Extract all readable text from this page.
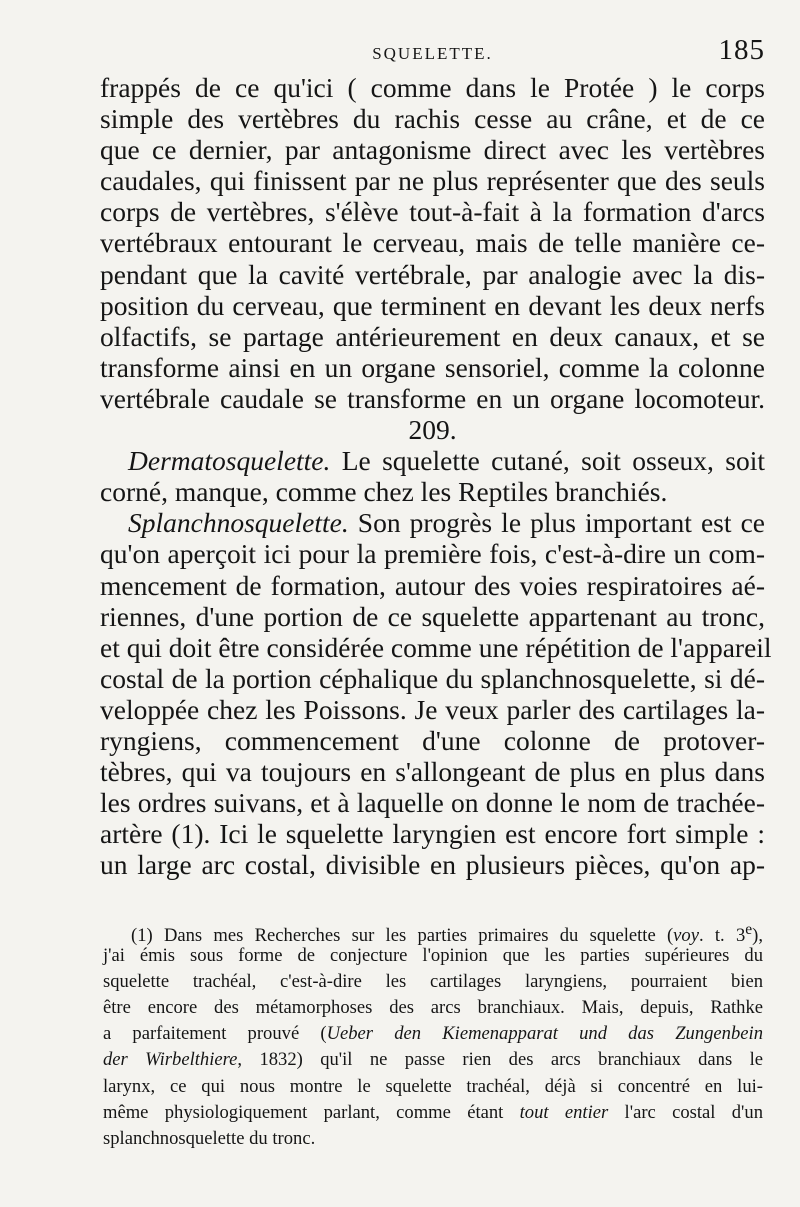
SQUELETTE.	185
frappés de ce qu'ici ( comme dans le Protée ) le corps
simple des vertèbres du rachis cesse au crâne, et de ce
que ce dernier, par antagonisme direct avec les vertèbres
caudales, qui finissent par ne plus représenter que des seuls
corps de vertèbres, s'élève tout-à-fait à la formation d'arcs
vertébraux entourant le cerveau, mais de telle manière ce-
pendant que la cavité vertébrale, par analogie avec la dis-
position du cerveau, que terminent en devant les deux nerfs
olfactifs, se partage antérieurement en deux canaux, et se
transforme ainsi en un organe sensoriel, comme la colonne
vertébrale caudale se transforme en un organe locomoteur.
209.
Dermatosquelette. Le squelette cutané, soit osseux, soit
corné, manque, comme chez les Reptiles branchiés.
Splanchnosquelette. Son progrès le plus important est ce
qu'on aperçoit ici pour la première fois, c'est-à-dire un com-
mencement de formation, autour des voies respiratoires aé-
riennes, d'une portion de ce squelette appartenant au tronc,
et qui doit être considérée comme une répétition de l'appareil
costal de la portion céphalique du splanchnosquelette, si dé-
veloppée chez les Poissons. Je veux parler des cartilages la-
ryngiens, commencement d'une colonne de protover-
tèbres, qui va toujours en s'allongeant de plus en plus dans
les ordres suivans, et à laquelle on donne le nom de trachée-
artère (1). Ici le squelette laryngien est encore fort simple :
un large arc costal, divisible en plusieurs pièces, qu'on ap-
(1) Dans mes Recherches sur les parties primaires du squelette (voy. t. 3e),
j'ai émis sous forme de conjecture l'opinion que les parties supérieures du
squelette trachéal, c'est-à-dire les cartilages laryngiens, pourraient bien
être encore des métamorphoses des arcs branchiaux. Mais, depuis, Rathke
a parfaitement prouvé (Ueber den Kiemenapparat und das Zungenbein
der Wirbelthiere, 1832) qu'il ne passe rien des arcs branchiaux dans le
larynx, ce qui nous montre le squelette trachéal, déjà si concentré en lui-
même physiologiquement parlant, comme étant tout entier l'arc costal d'un
splanchnosquelette du tronc.
